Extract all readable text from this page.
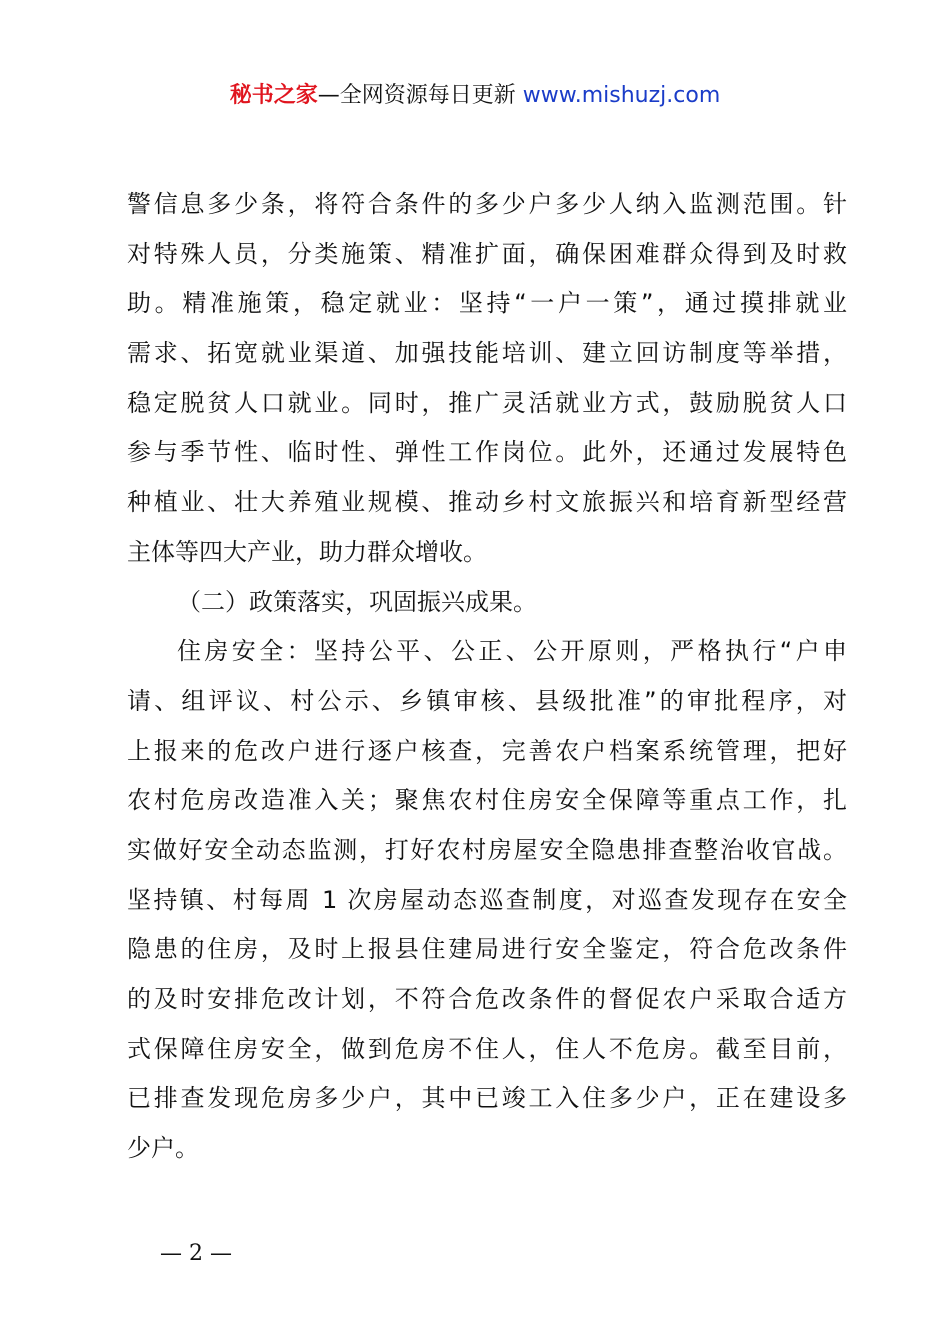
秘书之家—全网资源每日更新 www.mishuzj.com
警信息多少条，将符合条件的多少户多少人纳入监测范围。针
对特殊人员，分类施策、精准扩面，确保困难群众得到及时救
助。精准施策，稳定就业：坚持“一户一策”，通过摸排就业
需求、拓宽就业渠道、加强技能培训、建立回访制度等举措，
稳定脱贫人口就业。同时，推广灵活就业方式，鼓励脱贫人口
参与季节性、临时性、弹性工作岗位。此外，还通过发展特色
种植业、壮大养殖业规模、推动乡村文旅振兴和培育新型经营
主体等四大产业，助力群众增收。
（二）政策落实，巩固振兴成果。
住房安全：坚持公平、公正、公开原则，严格执行“户申
请、组评议、村公示、乡镇审核、县级批准”的审批程序，对
上报来的危改户进行逐户核查，完善农户档案系统管理，把好
农村危房改造准入关；聚焦农村住房安全保障等重点工作，扎
实做好安全动态监测，打好农村房屋安全隐患排查整治收官战。
坚持镇、村每周 1 次房屋动态巡查制度，对巡查发现存在安全
隐患的住房，及时上报县住建局进行安全鉴定，符合危改条件
的及时安排危改计划，不符合危改条件的督促农户采取合适方
式保障住房安全，做到危房不住人，住人不危房。截至目前，
已排查发现危房多少户，其中已竣工入住多少户，正在建设多
少户。
— 2 —
